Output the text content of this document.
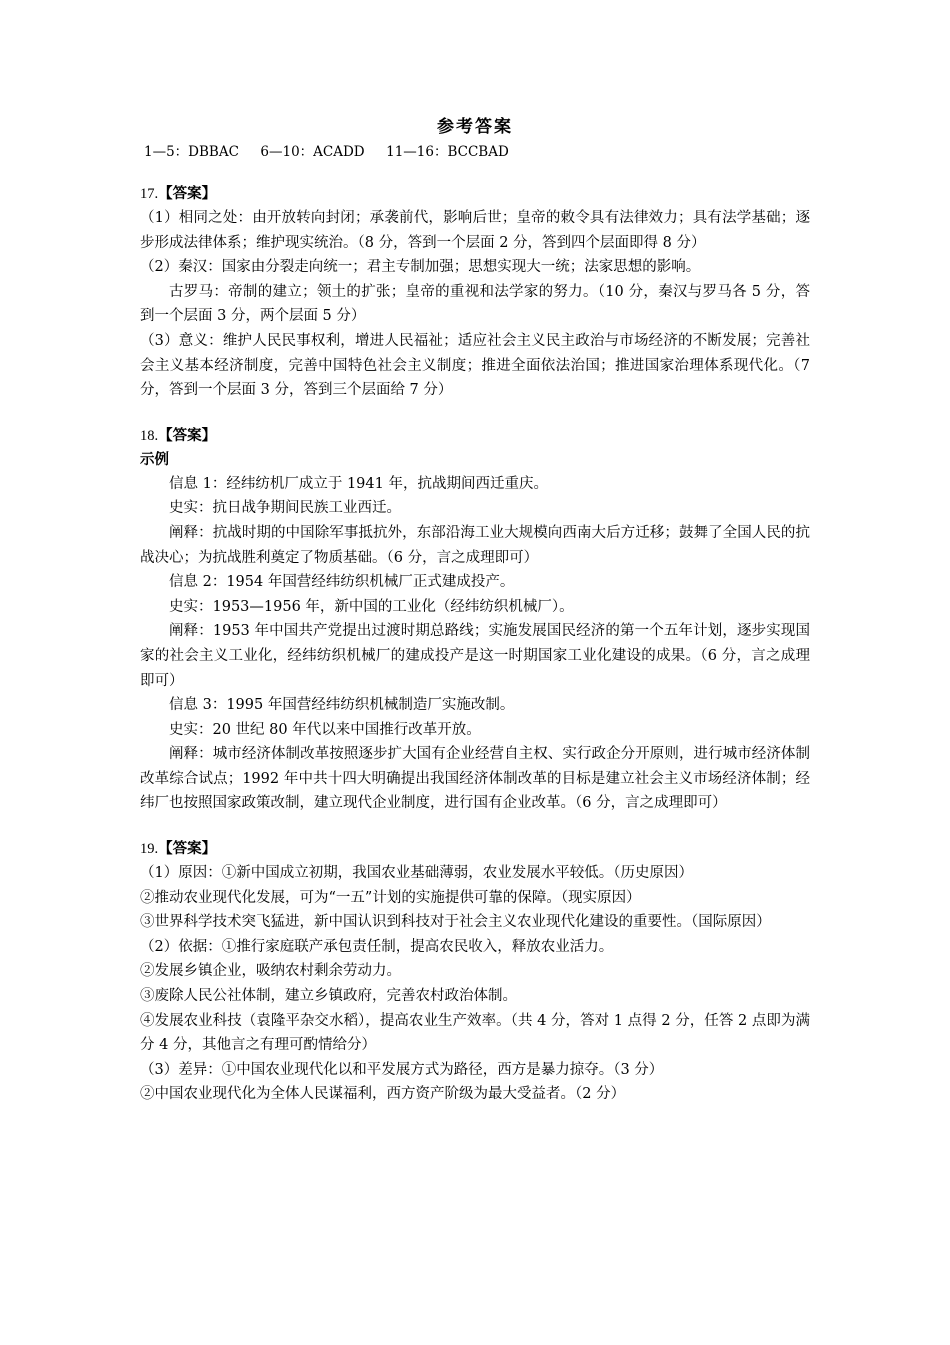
参考答案
1—5：DBBAC 6—10：ACADD 11—16：BCCBAD

17.【答案】

（1）相同之处：由开放转向封闭；承袭前代，影响后世；皇帝的敕令具有法律效力；具有法学基础；逐步形成法律体系；维护现实统治。（8 分，答到一个层面 2 分，答到四个层面即得 8 分）

（2）秦汉：国家由分裂走向统一；君主专制加强；思想实现大一统；法家思想的影响。

古罗马：帝制的建立；领土的扩张；皇帝的重视和法学家的努力。（10 分，秦汉与罗马各 5 分，答到一个层面 3 分，两个层面 5 分）

（3）意义：维护人民民事权利，增进人民福祉；适应社会主义民主政治与市场经济的不断发展；完善社会主义基本经济制度，完善中国特色社会主义制度；推进全面依法治国；推进国家治理体系现代化。（7 分，答到一个层面 3 分，答到三个层面给 7 分）

18.【答案】

示例

信息 1：经纬纺机厂成立于 1941 年，抗战期间西迁重庆。

史实：抗日战争期间民族工业西迁。

阐释：抗战时期的中国除军事抵抗外，东部沿海工业大规模向西南大后方迁移；鼓舞了全国人民的抗战决心；为抗战胜利奠定了物质基础。（6 分，言之成理即可）

信息 2：1954 年国营经纬纺织机械厂正式建成投产。

史实：1953—1956 年，新中国的工业化（经纬纺织机械厂）。

阐释：1953 年中国共产党提出过渡时期总路线；实施发展国民经济的第一个五年计划，逐步实现国家的社会主义工业化，经纬纺织机械厂的建成投产是这一时期国家工业化建设的成果。（6 分，言之成理即可）

信息 3：1995 年国营经纬纺织机械制造厂实施改制。

史实：20 世纪 80 年代以来中国推行改革开放。

阐释：城市经济体制改革按照逐步扩大国有企业经营自主权、实行政企分开原则，进行城市经济体制改革综合试点；1992 年中共十四大明确提出我国经济体制改革的目标是建立社会主义市场经济体制；经纬厂也按照国家政策改制，建立现代企业制度，进行国有企业改革。（6 分，言之成理即可）

19.【答案】

（1）原因：①新中国成立初期，我国农业基础薄弱，农业发展水平较低。（历史原因）

②推动农业现代化发展，可为“一五”计划的实施提供可靠的保障。（现实原因）

③世界科学技术突飞猛进，新中国认识到科技对于社会主义农业现代化建设的重要性。（国际原因）

（2）依据：①推行家庭联产承包责任制，提高农民收入，释放农业活力。

②发展乡镇企业，吸纳农村剩余劳动力。

③废除人民公社体制，建立乡镇政府，完善农村政治体制。

④发展农业科技（袁隆平杂交水稻），提高农业生产效率。（共 4 分，答对 1 点得 2 分，任答 2 点即为满分 4 分，其他言之有理可酌情给分）

（3）差异：①中国农业现代化以和平发展方式为路径，西方是暴力掠夺。（3 分）

②中国农业现代化为全体人民谋福利，西方资产阶级为最大受益者。（2 分）
